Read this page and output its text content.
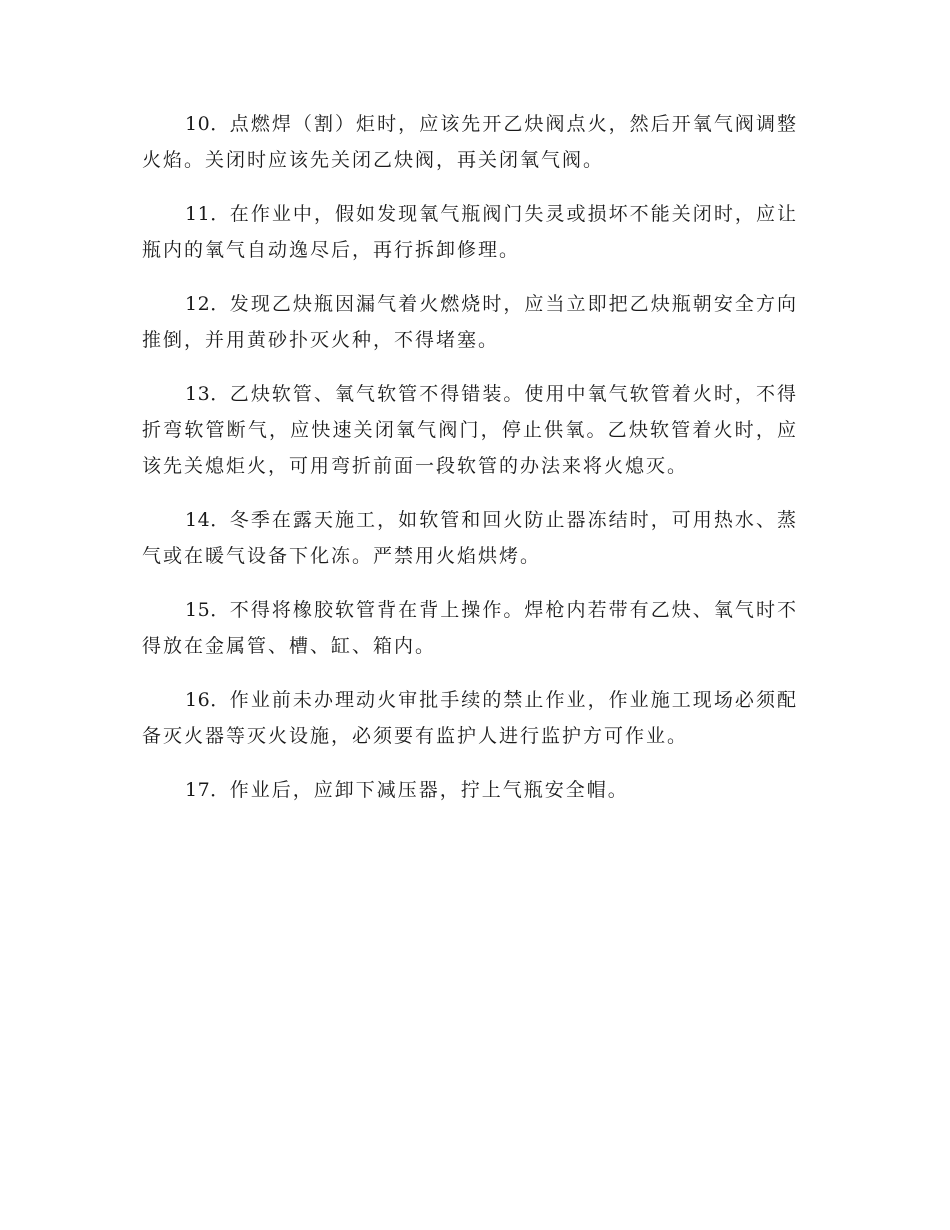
10．点燃焊（割）炬时，应该先开乙炔阀点火，然后开氧气阀调整火焰。关闭时应该先关闭乙炔阀，再关闭氧气阀。

11．在作业中，假如发现氧气瓶阀门失灵或损坏不能关闭时，应让瓶内的氧气自动逸尽后，再行拆卸修理。

12．发现乙炔瓶因漏气着火燃烧时，应当立即把乙炔瓶朝安全方向推倒，并用黄砂扑灭火种，不得堵塞。

13．乙炔软管、氧气软管不得错装。使用中氧气软管着火时，不得折弯软管断气，应快速关闭氧气阀门，停止供氧。乙炔软管着火时，应该先关熄炬火，可用弯折前面一段软管的办法来将火熄灭。

14．冬季在露天施工，如软管和回火防止器冻结时，可用热水、蒸气或在暖气设备下化冻。严禁用火焰烘烤。

15．不得将橡胶软管背在背上操作。焊枪内若带有乙炔、氧气时不得放在金属管、槽、缸、箱内。

16．作业前未办理动火审批手续的禁止作业，作业施工现场必须配备灭火器等灭火设施，必须要有监护人进行监护方可作业。

17．作业后，应卸下减压器，拧上气瓶安全帽。
